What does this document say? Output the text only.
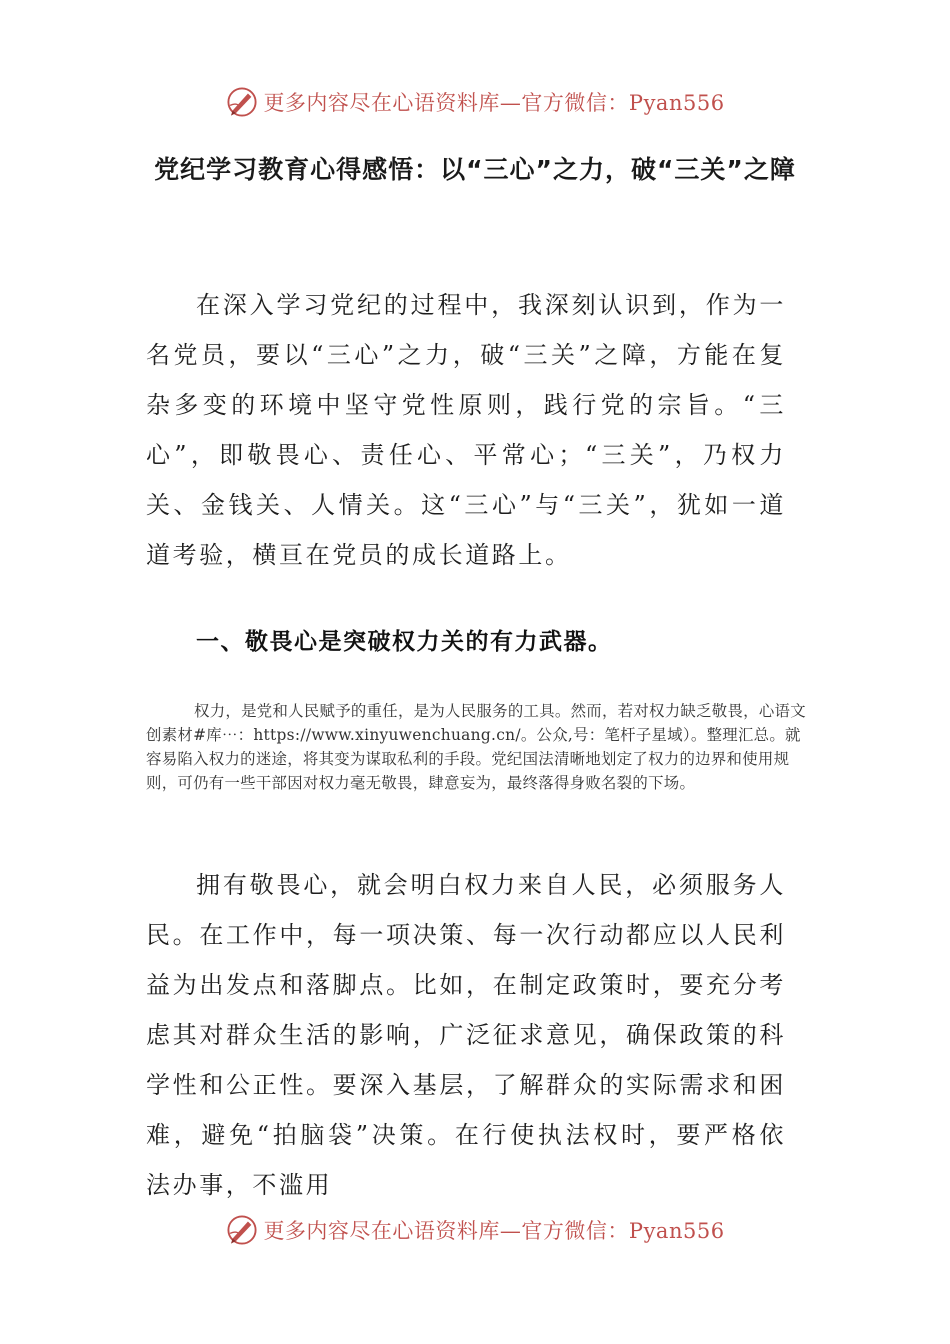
更多内容尽在心语资料库—官方微信：Pyan556
党纪学习教育心得感悟：以“三心”之力，破“三关”之障
在深入学习党纪的过程中，我深刻认识到，作为一名党员，要以“三心”之力，破“三关”之障，方能在复杂多变的环境中坚守党性原则，践行党的宗旨。“三心”，即敬畏心、责任心、平常心；“三关”，乃权力关、金钱关、人情关。这“三心”与“三关”，犹如一道道考验，横亘在党员的成长道路上。
一、敬畏心是突破权力关的有力武器。
权力，是党和人民赋予的重任，是为人民服务的工具。然而，若对权力缺乏敬畏，心语文创素材#库⋯：https://www.xinyuwenchuang.cn/。公众,号：笔杆子星域）。整理汇总。就容易陷入权力的迷途，将其变为谋取私利的手段。党纪国法清晰地划定了权力的边界和使用规则，可仍有一些干部因对权力毫无敬畏，肆意妄为，最终落得身败名裂的下场。
拥有敬畏心，就会明白权力来自人民，必须服务人民。在工作中，每一项决策、每一次行动都应以人民利益为出发点和落脚点。比如，在制定政策时，要充分考虑其对群众生活的影响，广泛征求意见，确保政策的科学性和公正性。要深入基层，了解群众的实际需求和困难，避免“拍脑袋”决策。在行使执法权时，要严格依法办事，不滥用
更多内容尽在心语资料库—官方微信：Pyan556
